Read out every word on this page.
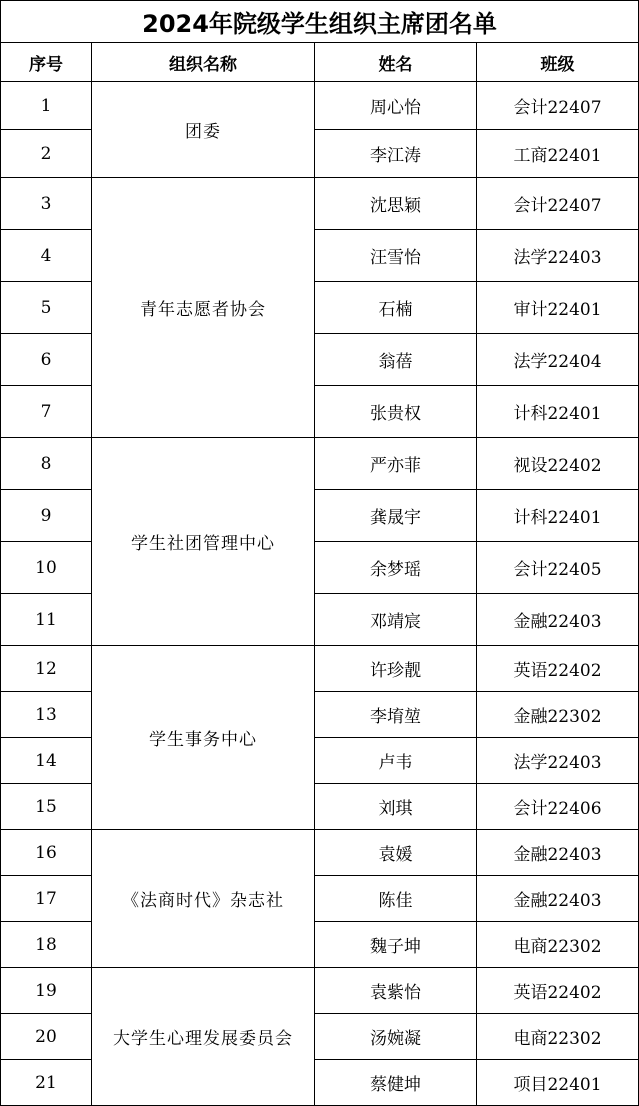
2024年院级学生组织主席团名单			
序号	组织名称	姓名	班级
1	团委	周心怡	会计22407
2		李江涛	工商22401
3	青年志愿者协会	沈思颖	会计22407
4		汪雪怡	法学22403
5		石楠	审计22401
6		翁蓓	法学22404
7		张贵权	计科22401
8	学生社团管理中心	严亦菲	视设22402
9		龚晟宇	计科22401
10		余梦瑶	会计22405
11		邓靖宸	金融22403
12	学生事务中心	许珍靓	英语22402
13		李堉堃	金融22302
14		卢韦	法学22403
15		刘琪	会计22406
16	《法商时代》杂志社	袁媛	金融22403
17		陈佳	金融22403
18		魏子坤	电商22302
19	大学生心理发展委员会	袁紫怡	英语22402
20		汤婉凝	电商22302
21		蔡健坤	项目22401
